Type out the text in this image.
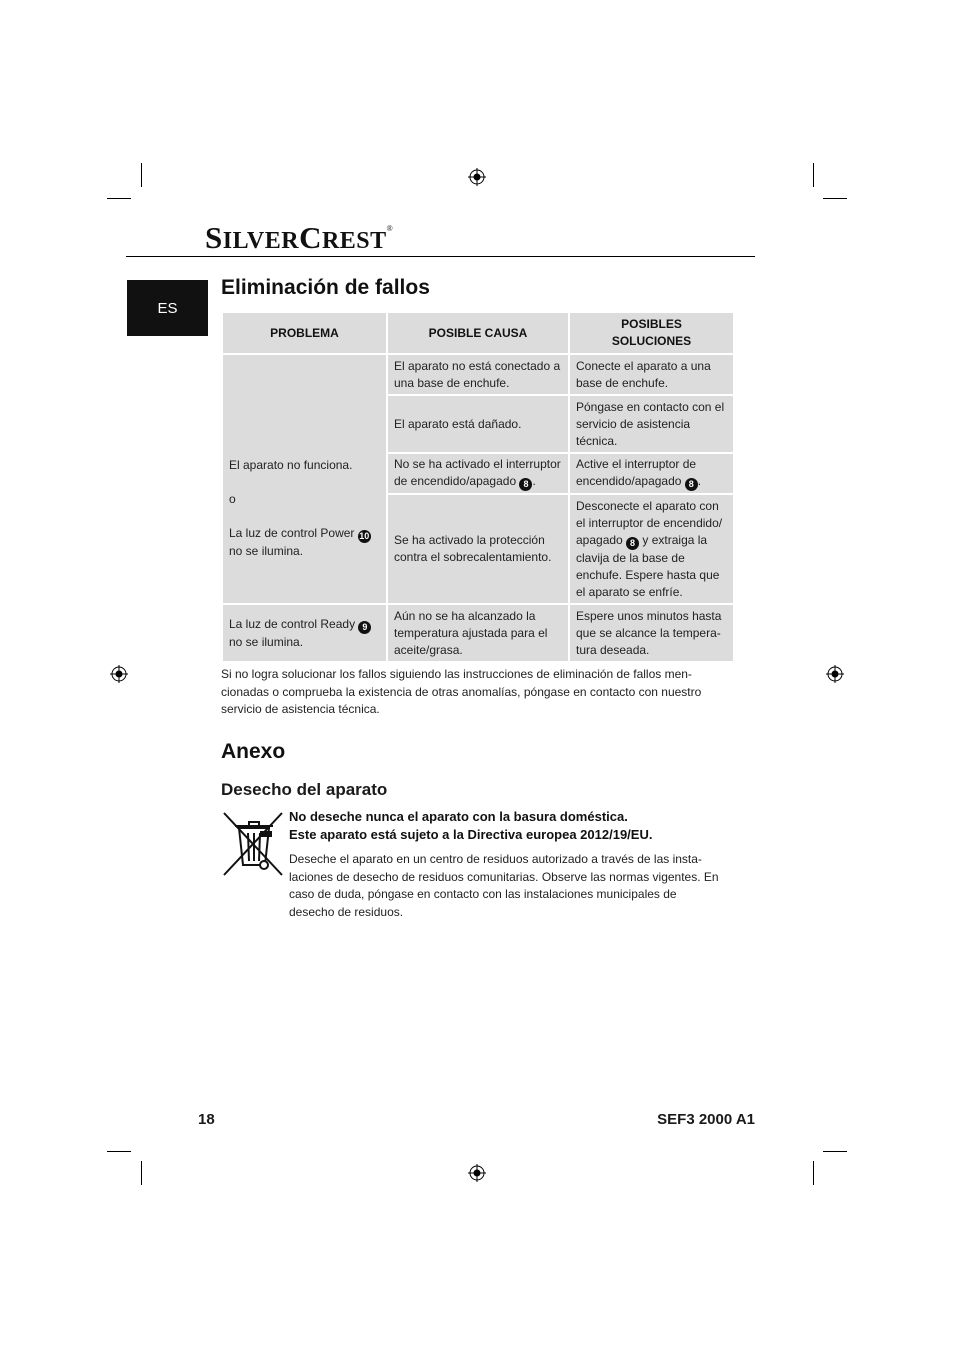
SILVERCREST®
ES
Eliminación de fallos
PROBLEMA	POSIBLE CAUSA	POSIBLES SOLUCIONES

El aparato no funciona.
o
La luz de control Power 10
no se ilumina.	El aparato no está conectado a una base de enchufe.	Conecte el aparato a una base de enchufe.
	El aparato está dañado.	Póngase en contacto con el servicio de asistencia técnica.
	No se ha activado el interruptor de encendido/apagado 8 .	Active el interruptor de encendido/apagado 8 .
	Se ha activado la protección contra el sobrecalentamiento.	Desconecte el aparato con el interruptor de encendido/ apagado 8 y extraiga la clavija de la base de enchufe. Espere hasta que el aparato se enfríe.
La luz de control Ready 9
no se ilumina.	Aún no se ha alcanzado la temperatura ajustada para el aceite/grasa.	Espere unos minutos hasta que se alcance la tempera- tura deseada.
Si no logra solucionar los fallos siguiendo las instrucciones de eliminación de fallos men- cionadas o comprueba la existencia de otras anomalías, póngase en contacto con nuestro servicio de asistencia técnica.
Anexo
Desecho del aparato
No deseche nunca el aparato con la basura doméstica.
Este aparato está sujeto a la Directiva europea 2012/19/EU.
Deseche el aparato en un centro de residuos autorizado a través de las insta- laciones de desecho de residuos comunitarias. Observe las normas vigentes. En caso de duda, póngase en contacto con las instalaciones municipales de desecho de residuos.
18	SEF3 2000 A1
